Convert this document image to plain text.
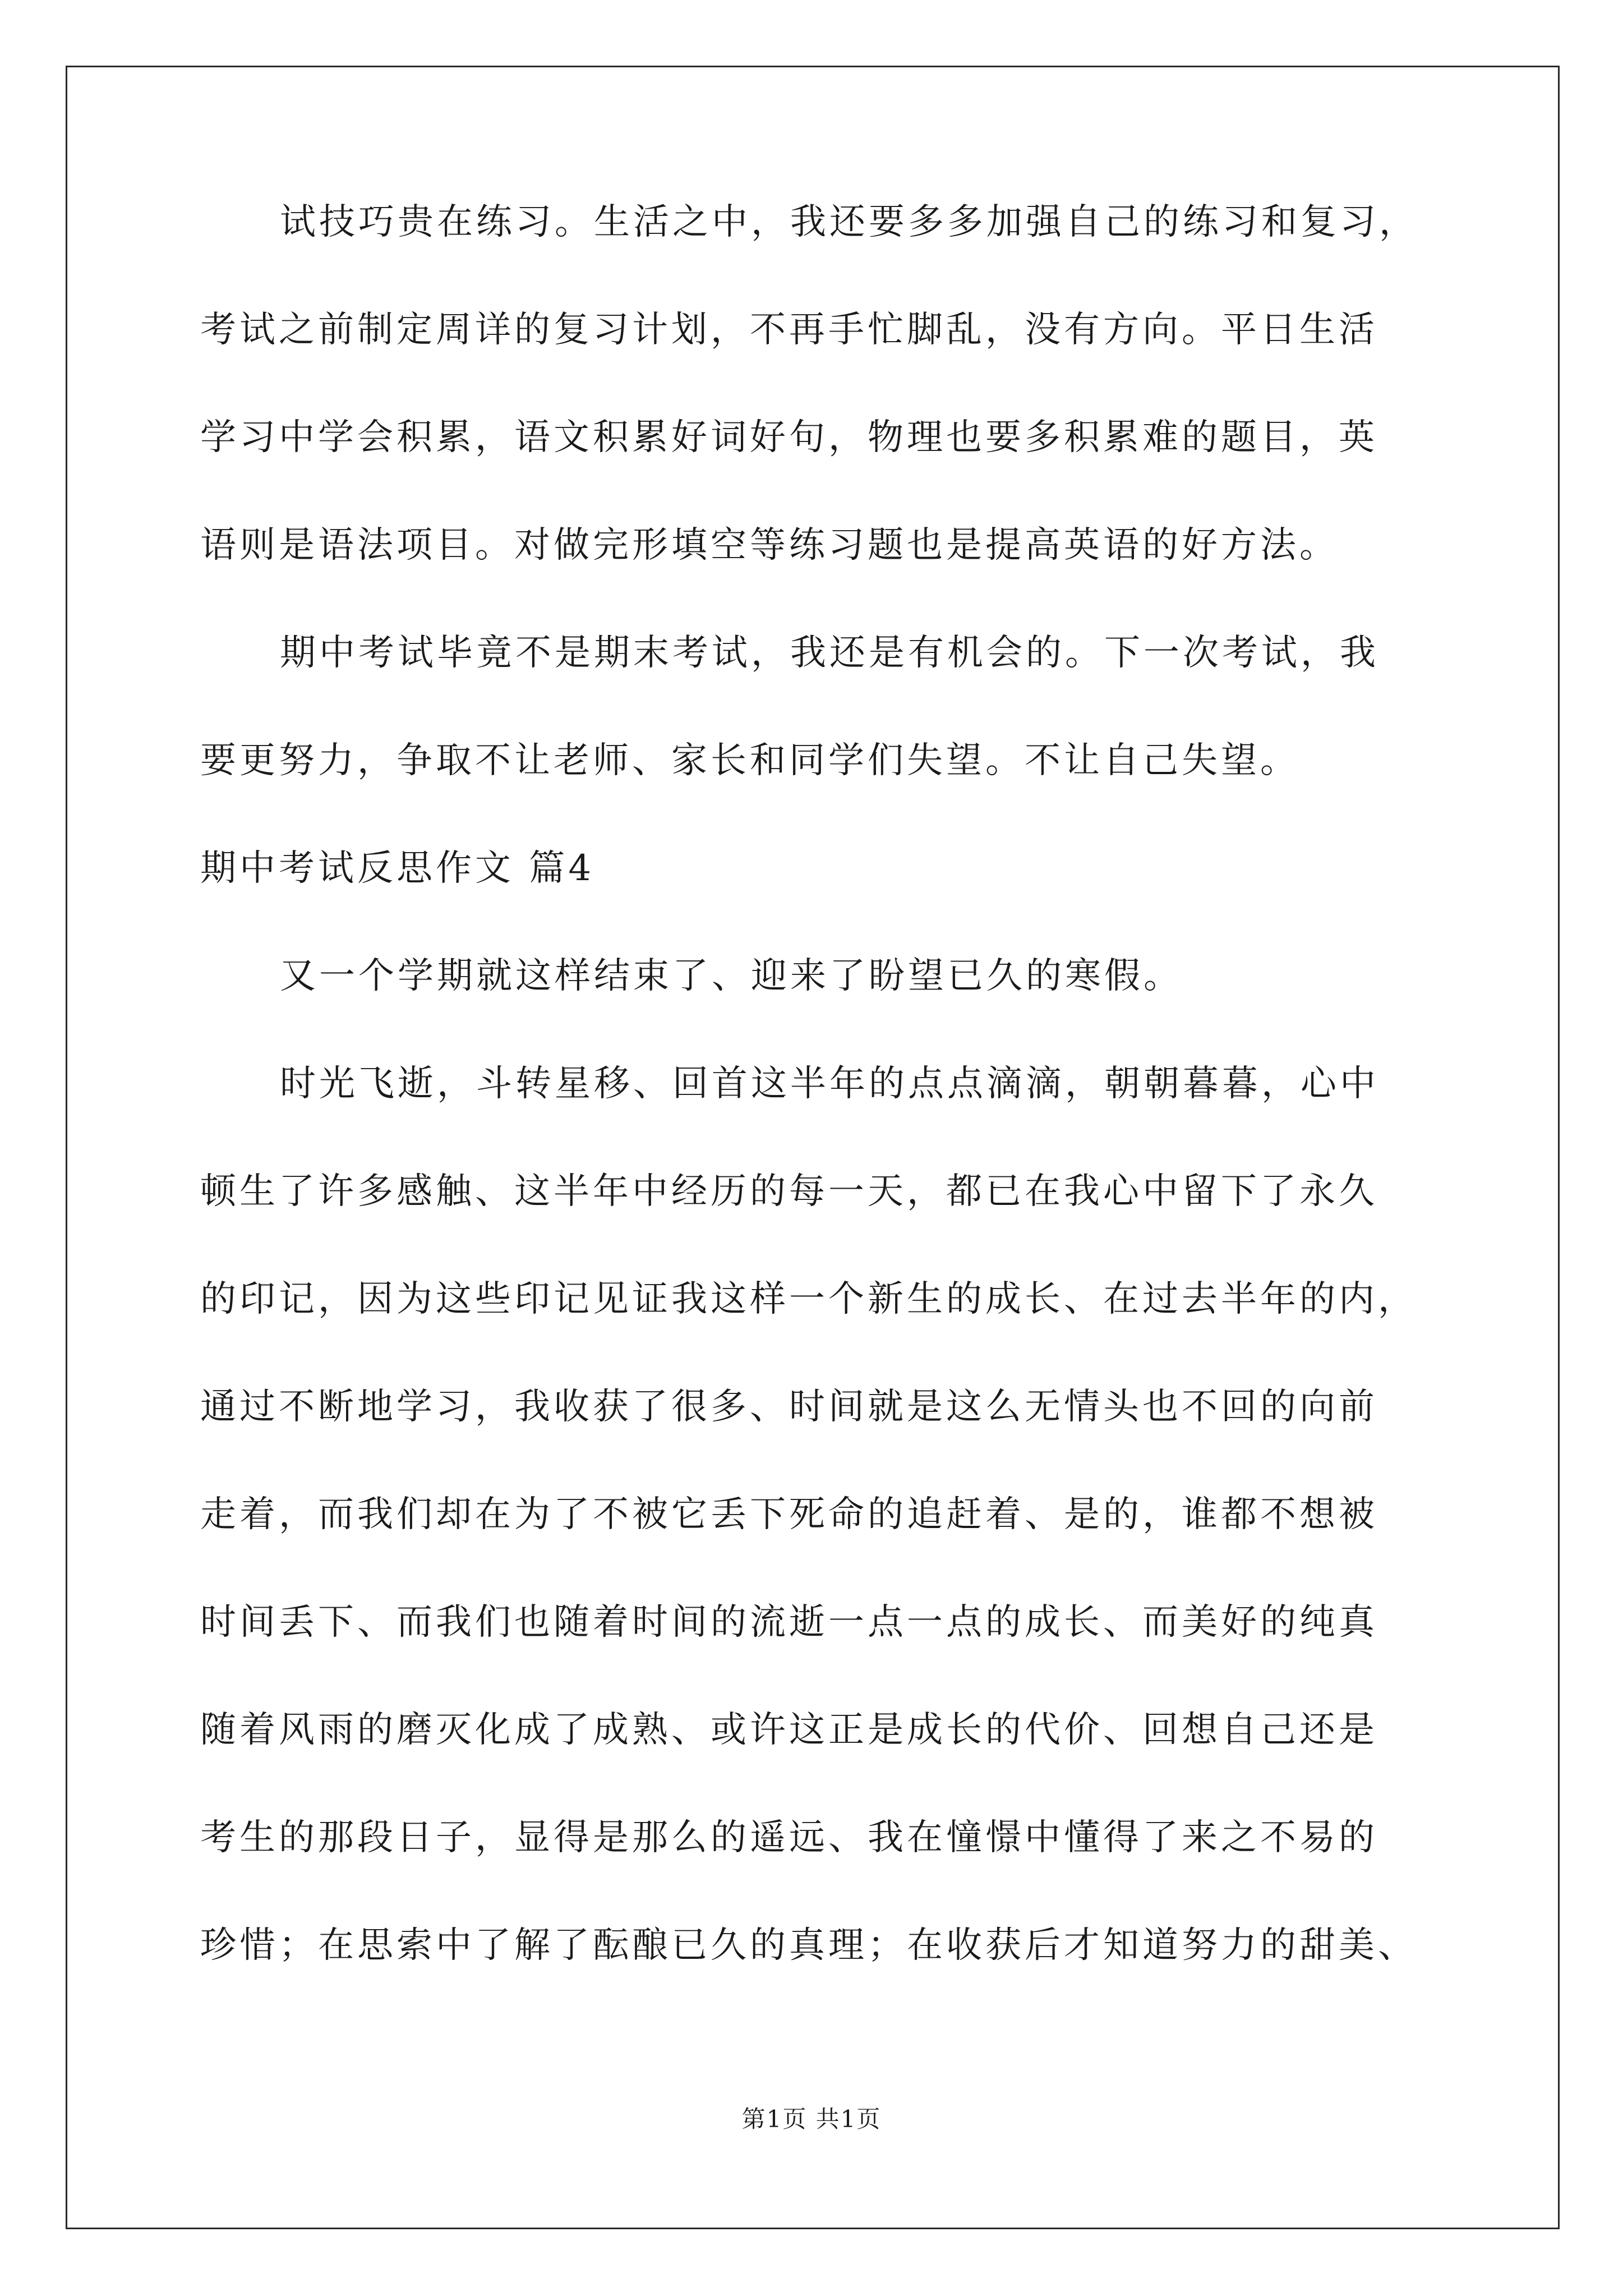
试技巧贵在练习。生活之中，我还要多多加强自己的练习和复习，
考试之前制定周详的复习计划，不再手忙脚乱，没有方向。平日生活
学习中学会积累，语文积累好词好句，物理也要多积累难的题目，英
语则是语法项目。对做完形填空等练习题也是提高英语的好方法。
期中考试毕竟不是期末考试，我还是有机会的。下一次考试，我
要更努力，争取不让老师、家长和同学们失望。不让自己失望。
期中考试反思作文 篇4
又一个学期就这样结束了、迎来了盼望已久的寒假。
时光飞逝，斗转星移、回首这半年的点点滴滴，朝朝暮暮，心中
顿生了许多感触、这半年中经历的每一天，都已在我心中留下了永久
的印记，因为这些印记见证我这样一个新生的成长、在过去半年的内，
通过不断地学习，我收获了很多、时间就是这么无情头也不回的向前
走着，而我们却在为了不被它丢下死命的追赶着、是的，谁都不想被
时间丢下、而我们也随着时间的流逝一点一点的成长、而美好的纯真
随着风雨的磨灭化成了成熟、或许这正是成长的代价、回想自己还是
考生的那段日子，显得是那么的遥远、我在憧憬中懂得了来之不易的
珍惜；在思索中了解了酝酿已久的真理；在收获后才知道努力的甜美、
第1页 共1页
